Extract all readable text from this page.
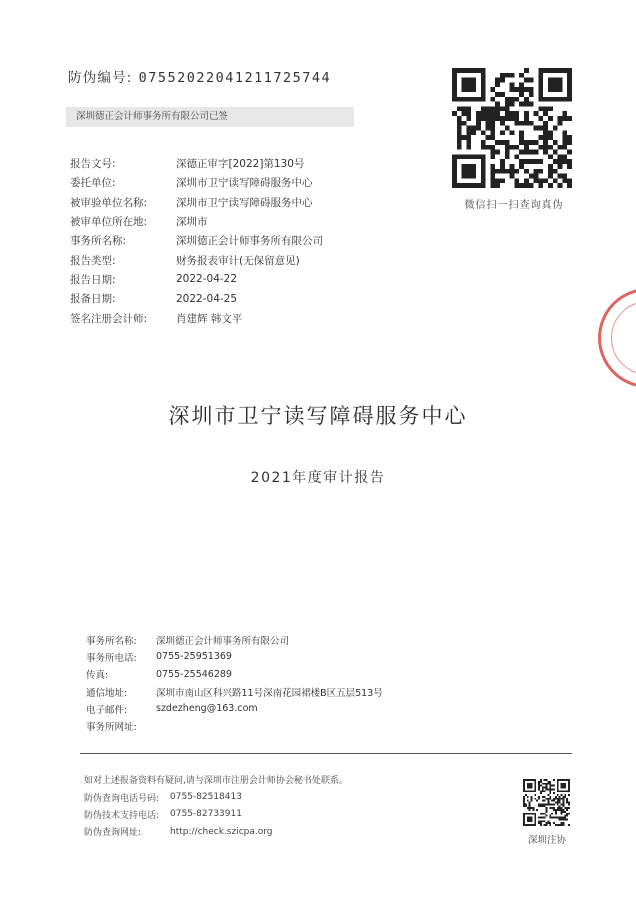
防伪编号: 07552022041211725744
深圳德正会计师事务所有限公司已签
微信扫一扫查询真伪
报告文号:	深德正审字[2022]第130号
委托单位:	深圳市卫宁读写障碍服务中心
被审验单位名称:	深圳市卫宁读写障碍服务中心
被审单位所在地:	深圳市
事务所名称:	深圳德正会计师事务所有限公司
报告类型:	财务报表审计(无保留意见)
报告日期:	2022-04-22
报备日期:	2022-04-25
签名注册会计师:	肖建辉 韩文平
深圳市卫宁读写障碍服务中心
2021年度审计报告
事务所名称:	深圳德正会计师事务所有限公司
事务所电话:	0755-25951369
传真:	0755-25546289
通信地址:	深圳市南山区科兴路11号深南花园裙楼B区五层513号
电子邮件:	szdezheng@163.com
事务所网址:
如对上述报备资料有疑问,请与深圳市注册会计师协会秘书处联系。
防伪查询电话号码:	0755-82518413
防伪技术支持电话:	0755-82733911
防伪查询网址:	http://check.szicpa.org
深圳注协
